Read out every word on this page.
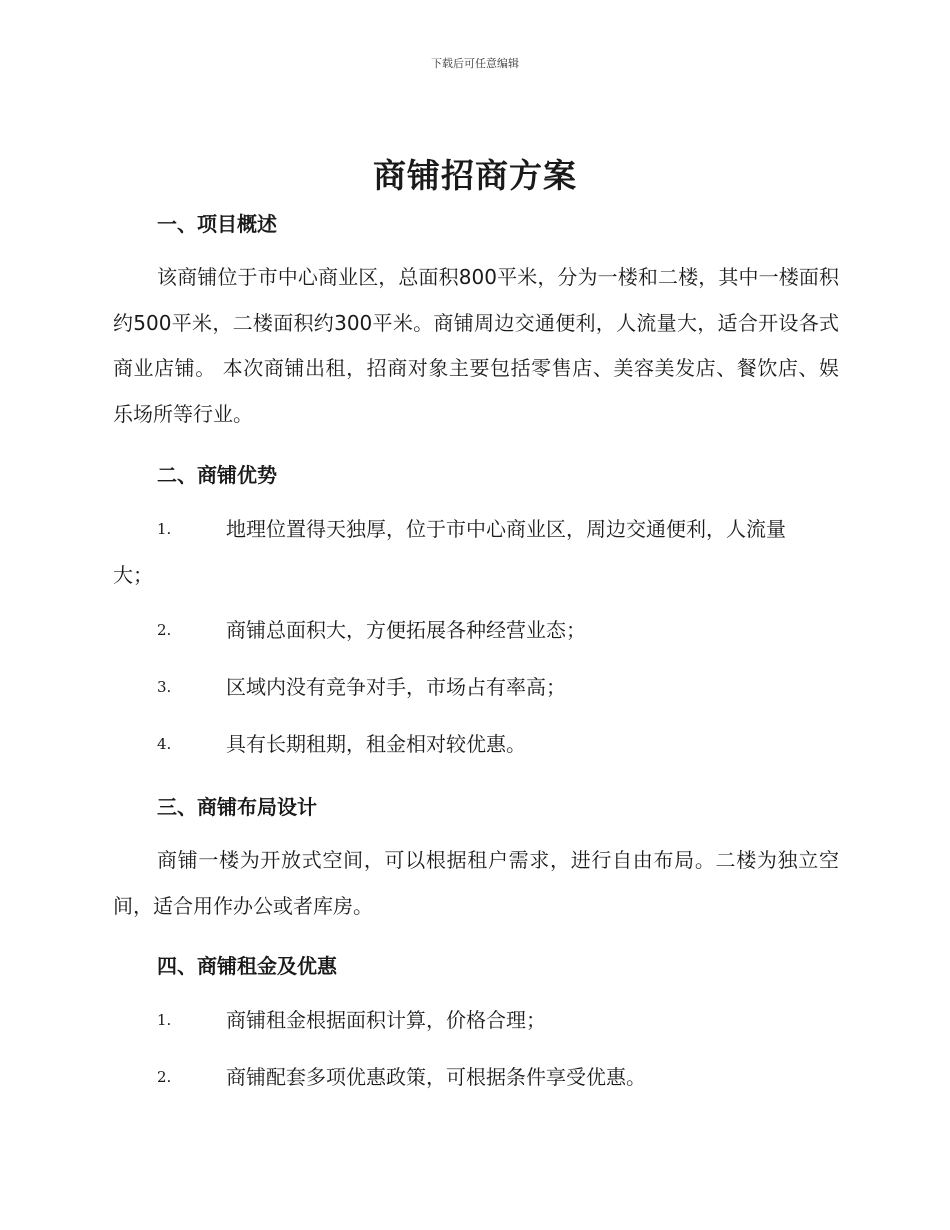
下载后可任意编辑
商铺招商方案
一、项目概述
该商铺位于市中心商业区，总面积800平米，分为一楼和二楼，其中一楼面积约500平米，二楼面积约300平米。商铺周边交通便利，人流量大，适合开设各式商业店铺。 本次商铺出租，招商对象主要包括零售店、美容美发店、餐饮店、娱乐场所等行业。
二、商铺优势
1.	地理位置得天独厚，位于市中心商业区，周边交通便利，人流量
大；
2.	商铺总面积大，方便拓展各种经营业态；
3.	区域内没有竞争对手，市场占有率高；
4.	具有长期租期，租金相对较优惠。
三、商铺布局设计
商铺一楼为开放式空间，可以根据租户需求，进行自由布局。二楼为独立空间，适合用作办公或者库房。
四、商铺租金及优惠
1.	商铺租金根据面积计算，价格合理；
2.	商铺配套多项优惠政策，可根据条件享受优惠。
